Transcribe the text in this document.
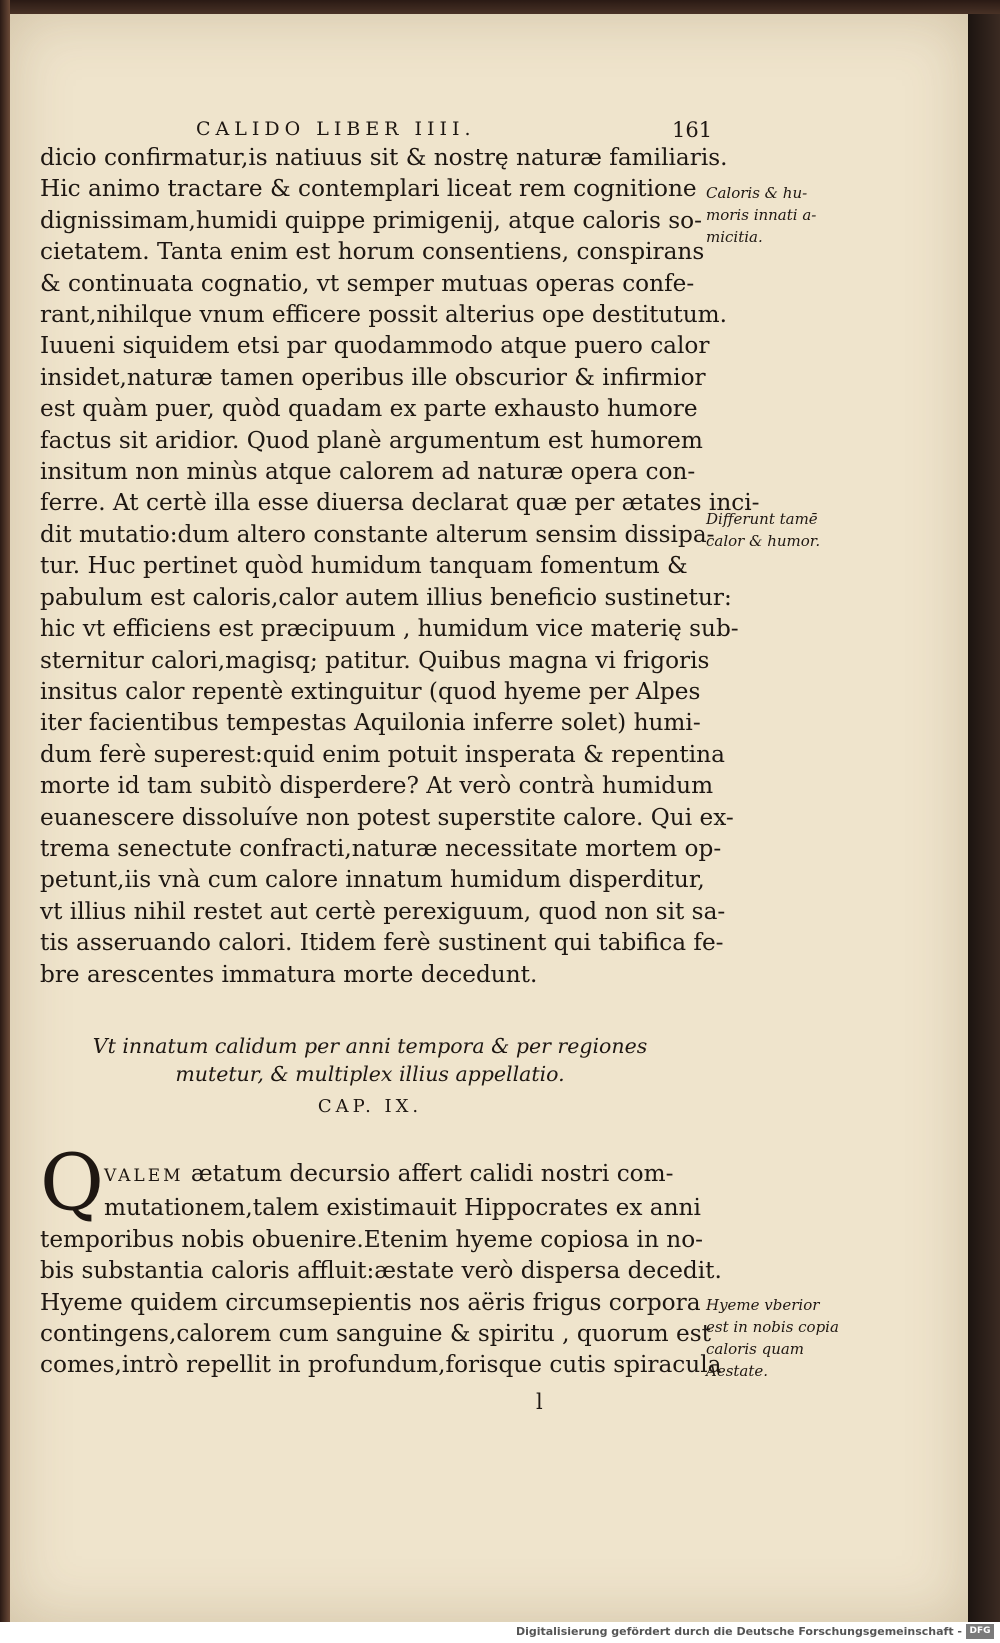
CALIDO LIBER IIII.	161
dicio confirmatur,is natiuus sit & nostrę naturæ familiaris.
Hic animo tractare & contemplari liceat rem cognitione
dignissimam,humidi quippe primigenij, atque caloris so-
cietatem. Tanta enim est horum consentiens, conspirans
& continuata cognatio, vt semper mutuas operas confe-
rant,nihilque vnum efficere possit alterius ope destitutum.
Iuueni siquidem etsi par quodammodo atque puero calor
insidet,naturæ tamen operibus ille obscurior & infirmior
est quàm puer, quòd quadam ex parte exhausto humore
factus sit aridior. Quod planè argumentum est humorem
insitum non minùs atque calorem ad naturæ opera con-
ferre. At certè illa esse diuersa declarat quæ per ætates inci-
dit mutatio:dum altero constante alterum sensim dissipa-
tur. Huc pertinet quòd humidum tanquam fomentum &
pabulum est caloris,calor autem illius beneficio sustinetur:
hic vt efficiens est præcipuum , humidum vice materię sub-
sternitur calori,magisq; patitur. Quibus magna vi frigoris
insitus calor repentè extinguitur (quod hyeme per Alpes
iter facientibus tempestas Aquilonia inferre solet) humi-
dum ferè superest:quid enim potuit insperata & repentina
morte id tam subitò disperdere? At verò contrà humidum
euanescere dissoluíve non potest superstite calore. Qui ex-
trema senectute confracti,naturæ necessitate mortem op-
petunt,iis vnà cum calore innatum humidum disperditur,
vt illius nihil restet aut certè perexiguum, quod non sit sa-
tis asseruando calori. Itidem ferè sustinent qui tabifica fe-
bre arescentes immatura morte decedunt.
Vt innatum calidum per anni tempora & per regiones
mutetur, & multiplex illius appellatio.
CAP. IX.
Q VALEM ætatum decursio affert calidi nostri com-
mutationem,talem existimauit Hippocrates ex anni
temporibus nobis obuenire.Etenim hyeme copiosa in no-
bis substantia caloris affluit:æstate verò dispersa decedit.
Hyeme quidem circumsepientis nos aëris frigus corpora
contingens,calorem cum sanguine & spiritu , quorum est
comes,intrò repellit in profundum,forisque cutis spiracula
l
Caloris & hu-
moris innati a-
micitia.
Differunt tamē
calor & humor.
Hyeme vberior
est in nobis copia
caloris quam
Aestate.
Digitalisierung gefördert durch die Deutsche Forschungsgemeinschaft - DFG
